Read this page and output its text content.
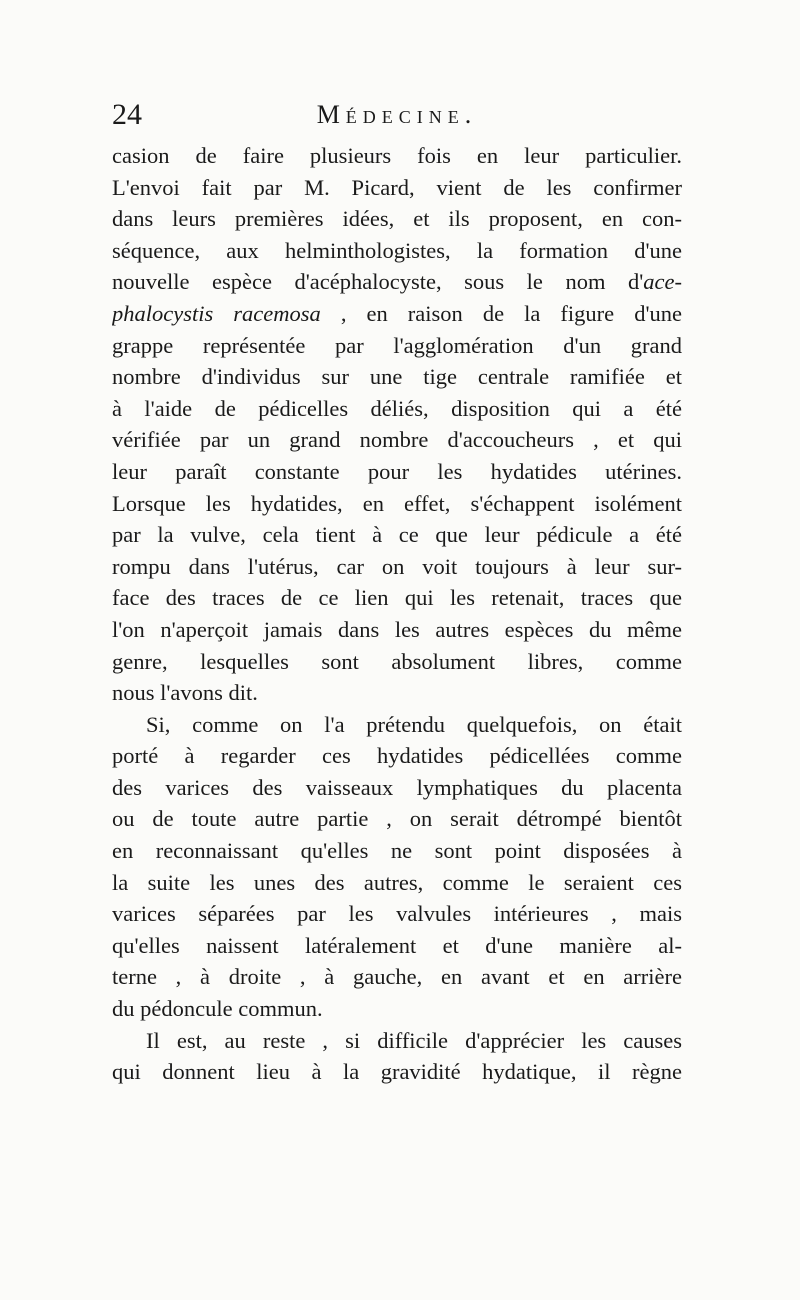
24	Médecine.
casion de faire plusieurs fois en leur particulier.
L'envoi fait par M. Picard, vient de les confirmer
dans leurs premières idées, et ils proposent, en con-
séquence, aux helminthologistes, la formation d'une
nouvelle espèce d'acéphalocyste, sous le nom d'ace-
phalocystis racemosa , en raison de la figure d'une
grappe représentée par l'agglomération d'un grand
nombre d'individus sur une tige centrale ramifiée et
à l'aide de pédicelles déliés, disposition qui a été
vérifiée par un grand nombre d'accoucheurs , et qui
leur paraît constante pour les hydatides utérines.
Lorsque les hydatides, en effet, s'échappent isolément
par la vulve, cela tient à ce que leur pédicule a été
rompu dans l'utérus, car on voit toujours à leur sur-
face des traces de ce lien qui les retenait, traces que
l'on n'aperçoit jamais dans les autres espèces du même
genre, lesquelles sont absolument libres, comme
nous l'avons dit.
Si, comme on l'a prétendu quelquefois, on était
porté à regarder ces hydatides pédicellées comme
des varices des vaisseaux lymphatiques du placenta
ou de toute autre partie , on serait détrompé bientôt
en reconnaissant qu'elles ne sont point disposées à
la suite les unes des autres, comme le seraient ces
varices séparées par les valvules intérieures , mais
qu'elles naissent latéralement et d'une manière al-
terne , à droite , à gauche, en avant et en arrière
du pédoncule commun.
Il est, au reste , si difficile d'apprécier les causes
qui donnent lieu à la gravidité hydatique, il règne
